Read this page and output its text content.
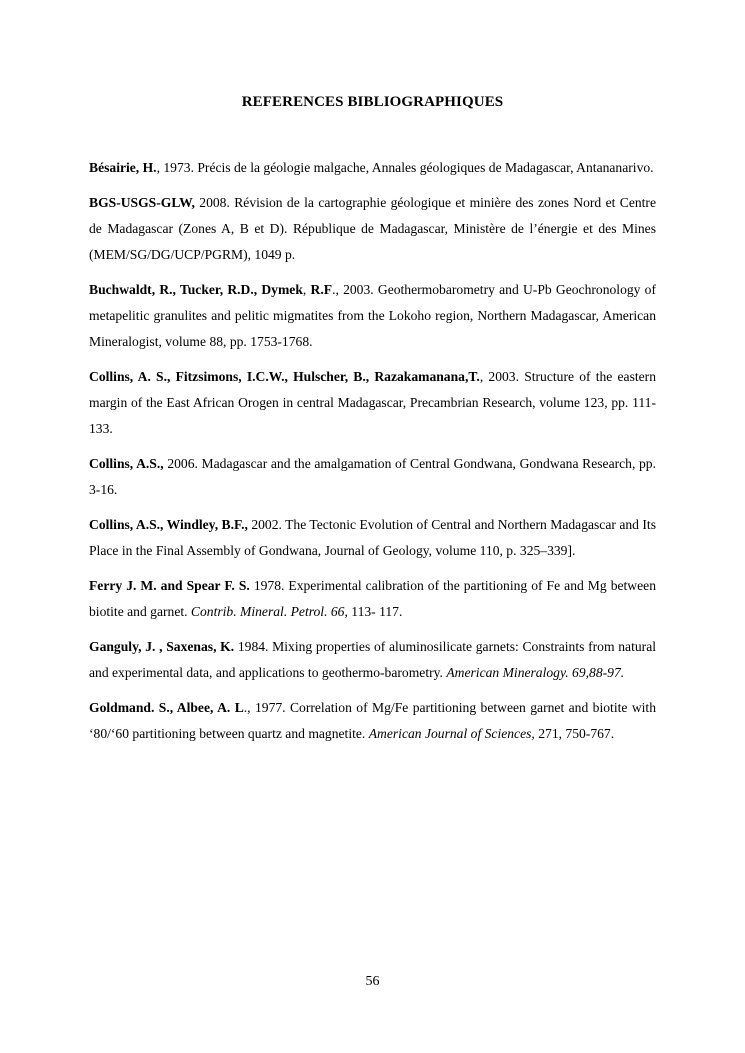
REFERENCES BIBLIOGRAPHIQUES

Bésairie, H., 1973. Précis de la géologie malgache, Annales géologiques de Madagascar, Antananarivo.

BGS-USGS-GLW, 2008. Révision de la cartographie géologique et minière des zones Nord et Centre de Madagascar (Zones A, B et D). République de Madagascar, Ministère de l’énergie et des Mines (MEM/SG/DG/UCP/PGRM), 1049 p.

Buchwaldt, R., Tucker, R.D., Dymek, R.F., 2003. Geothermobarometry and U-Pb Geochronology of metapelitic granulites and pelitic migmatites from the Lokoho region, Northern Madagascar, American Mineralogist, volume 88, pp. 1753-1768.

Collins, A. S., Fitzsimons, I.C.W., Hulscher, B., Razakamanana,T., 2003. Structure of the eastern margin of the East African Orogen in central Madagascar, Precambrian Research, volume 123, pp. 111-133.

Collins, A.S., 2006. Madagascar and the amalgamation of Central Gondwana, Gondwana Research, pp. 3-16.

Collins, A.S., Windley, B.F., 2002. The Tectonic Evolution of Central and Northern Madagascar and Its Place in the Final Assembly of Gondwana, Journal of Geology, volume 110, p. 325–339].

Ferry J. M. and Spear F. S. 1978. Experimental calibration of the partitioning of Fe and Mg between biotite and garnet. Contrib. Mineral. Petrol. 66, 113- 117.

Ganguly, J. , Saxenas, K. 1984. Mixing properties of aluminosilicate garnets: Constraints from natural and experimental data, and applications to geothermo-barometry. American Mineralogy. 69,88-97.

Goldmand. S., Albee, A. L., 1977. Correlation of Mg/Fe partitioning between garnet and biotite with ‘80/‘60 partitioning between quartz and magnetite. American Journal of Sciences, 271, 750-767.

56
